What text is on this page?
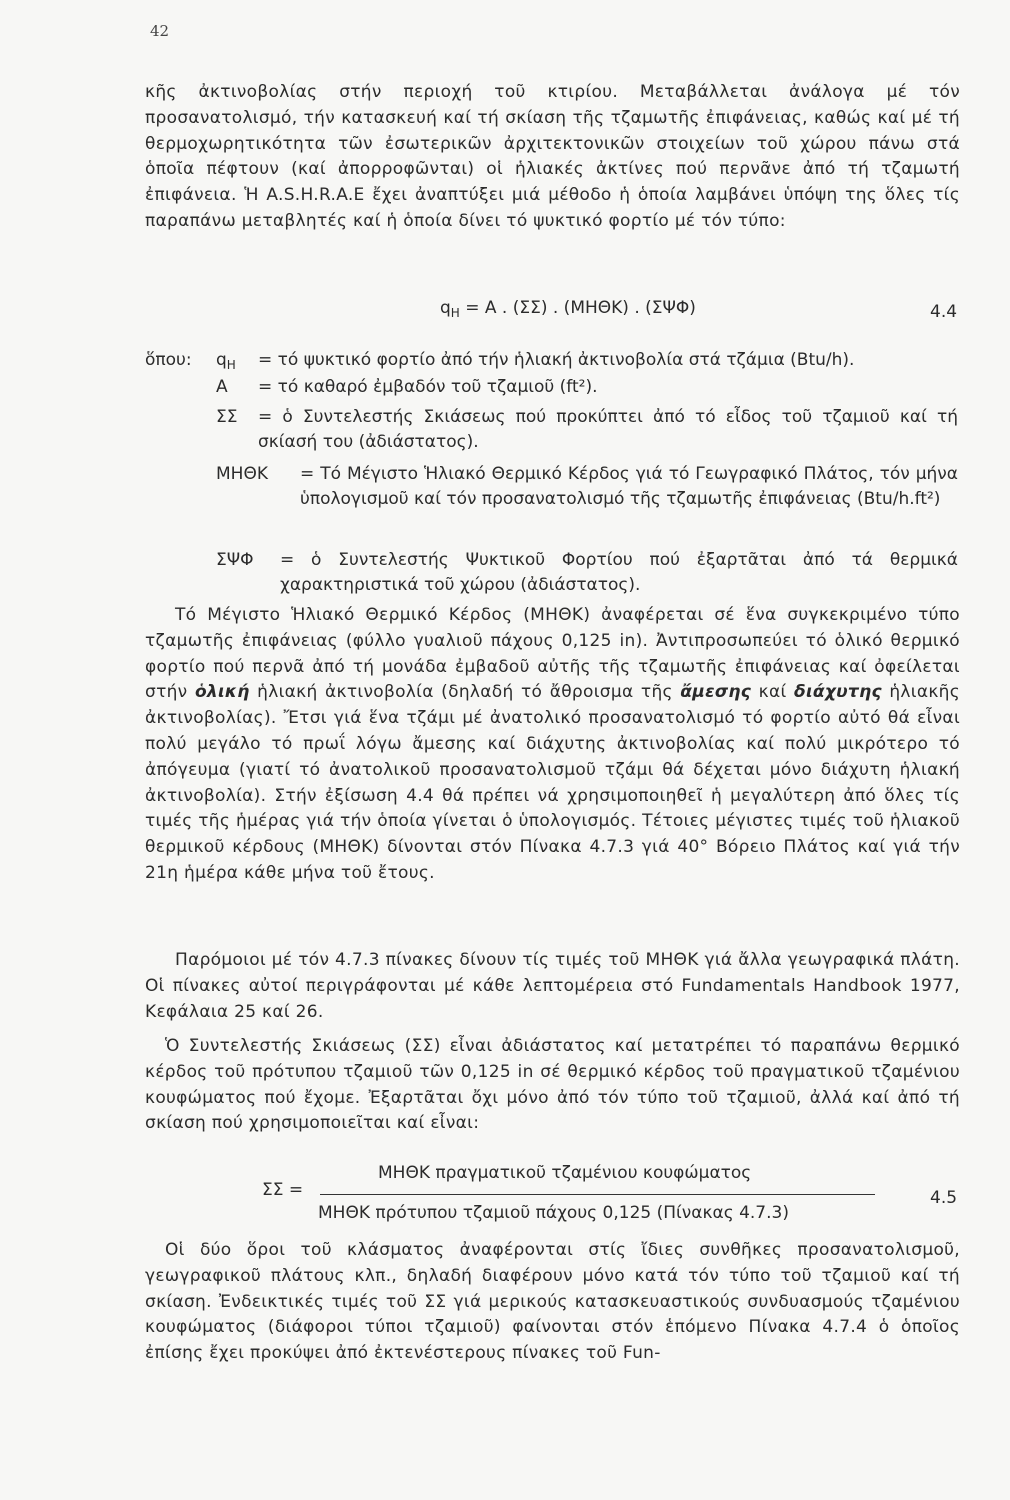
42

κῆς ἀκτινοβολίας στήν περιοχή τοῦ κτιρίου. Μεταβάλλεται ἀνάλογα μέ τόν προσανατολισμό, τήν κατασκευή καί τή σκίαση τῆς τζαμωτῆς ἐπιφάνειας, καθώς καί μέ τή θερμοχωρητικότητα τῶν ἐσωτερικῶν ἀρχιτεκτονικῶν στοιχείων τοῦ χώρου πάνω στά ὁποῖα πέφτουν (καί ἀπορροφῶνται) οἱ ἡλιακές ἀκτίνες πού περνᾶνε ἀπό τή τζαμωτή ἐπιφάνεια. Ἡ A.S.H.R.A.E ἔχει ἀναπτύξει μιά μέθοδο ἡ ὁποία λαμβάνει ὑπόψη της ὅλες τίς παραπάνω μεταβλητές καί ἡ ὁποία δίνει τό ψυκτικό φορτίο μέ τόν τύπο:

$q_H = A$ . (ΣΣ) . (ΜΗΘΚ) . (ΣΨΦ)	4.4
ὅπου: $q_H = \tau ό$ ψυκτικό φορτίο ἀπό τήν ἡλιακή ἀκτινοβολία στά τζάμια (Btu/h).
A = τό καθαρό ἐμβαδόν τοῦ τζαμιοῦ (ft²).
ΣΣ = ὁ Συντελεστής Σκιάσεως πού προκύπτει ἀπό τό εἶδος τοῦ τζαμιοῦ καί τή σκίασή του (ἀδιάστατος).
ΜΗΘΚ = Τό Μέγιστο Ἡλιακό Θερμικό Κέρδος γιά τό Γεωγραφικό Πλάτος, τόν μήνα ὑπολογισμοῦ καί τόν προσανατολισμό τῆς τζαμωτῆς ἐπιφάνειας (Btu/h.ft²)
ΣΨΦ = ὁ Συντελεστής Ψυκτικοῦ Φορτίου πού ἐξαρτᾶται ἀπό τά θερμικά χαρακτηριστικά τοῦ χώρου (ἀδιάστατος).

Τό Μέγιστο Ἡλιακό Θερμικό Κέρδος (ΜΗΘΚ) ἀναφέρεται σέ ἕνα συγκεκριμένο τύπο τζαμωτῆς ἐπιφάνειας (φύλλο γυαλιοῦ πάχους 0,125 in). Ἀντιπροσωπεύει τό ὁλικό θερμικό φορτίο πού περνᾶ ἀπό τή μονάδα ἐμβαδοῦ αὐτῆς τῆς τζαμωτῆς ἐπιφάνειας καί ὀφείλεται στήν ὁλική ἡλιακή ἀκτινοβολία (δηλαδή τό ἄθροισμα τῆς ἄμεσης καί διάχυτης ἡλιακῆς ἀκτινοβολίας). Ἔτσι γιά ἕνα τζάμι μέ ἀνατολικό προσανατολισμό τό φορτίο αὐτό θά εἶναι πολύ μεγάλο τό πρωΐ λόγω ἄμεσης καί διάχυτης ἀκτινοβολίας καί πολύ μικρότερο τό ἀπόγευμα (γιατί τό ἀνατολικοῦ προσανατολισμοῦ τζάμι θά δέχεται μόνο διάχυτη ἡλιακή ἀκτινοβολία). Στήν ἐξίσωση 4.4 θά πρέπει νά χρησιμοποιηθεῖ ἡ μεγαλύτερη ἀπό ὅλες τίς τιμές τῆς ἡμέρας γιά τήν ὁποία γίνεται ὁ ὑπολογισμός. Τέτοιες μέγιστες τιμές τοῦ ἡλιακοῦ θερμικοῦ κέρδους (ΜΗΘΚ) δίνονται στόν Πίνακα 4.7.3 γιά 40° Βόρειο Πλάτος καί γιά τήν 21η ἡμέρα κάθε μήνα τοῦ ἔτους.

Παρόμοιοι μέ τόν 4.7.3 πίνακες δίνουν τίς τιμές τοῦ ΜΗΘΚ γιά ἄλλα γεωγραφικά πλάτη. Οἱ πίνακες αὐτοί περιγράφονται μέ κάθε λεπτομέρεια στό Fundamentals Handbook 1977, Κεφάλαια 25 καί 26.

Ὁ Συντελεστής Σκιάσεως (ΣΣ) εἶναι ἀδιάστατος καί μετατρέπει τό παραπάνω θερμικό κέρδος τοῦ πρότυπου τζαμιοῦ τῶν 0,125 in σέ θερμικό κέρδος τοῦ πραγματικοῦ τζαμένιου κουφώματος πού ἔχομε. Ἐξαρτᾶται ὄχι μόνο ἀπό τόν τύπο τοῦ τζαμιοῦ, ἀλλά καί ἀπό τή σκίαση πού χρησιμοποιεῖται καί εἶναι:

ΣΣ =
ΜΗΘΚ πραγματικοῦ τζαμένιου κουφώματος
ΜΗΘΚ πρότυπου τζαμιοῦ πάχους 0,125 (Πίνακας 4.7.3)
4.5

Οἱ δύο ὅροι τοῦ κλάσματος ἀναφέρονται στίς ἴδιες συνθῆκες προσανατολισμοῦ, γεωγραφικοῦ πλάτους κλπ., δηλαδή διαφέρουν μόνο κατά τόν τύπο τοῦ τζαμιοῦ καί τή σκίαση. Ἐνδεικτικές τιμές τοῦ ΣΣ γιά μερικούς κατασκευαστικούς συνδυασμούς τζαμένιου κουφώματος (διάφοροι τύποι τζαμιοῦ) φαίνονται στόν ἑπόμενο Πίνακα 4.7.4 ὁ ὁποῖος ἐπίσης ἔχει προκύψει ἀπό ἐκτενέστερους πίνακες τοῦ Fun-
